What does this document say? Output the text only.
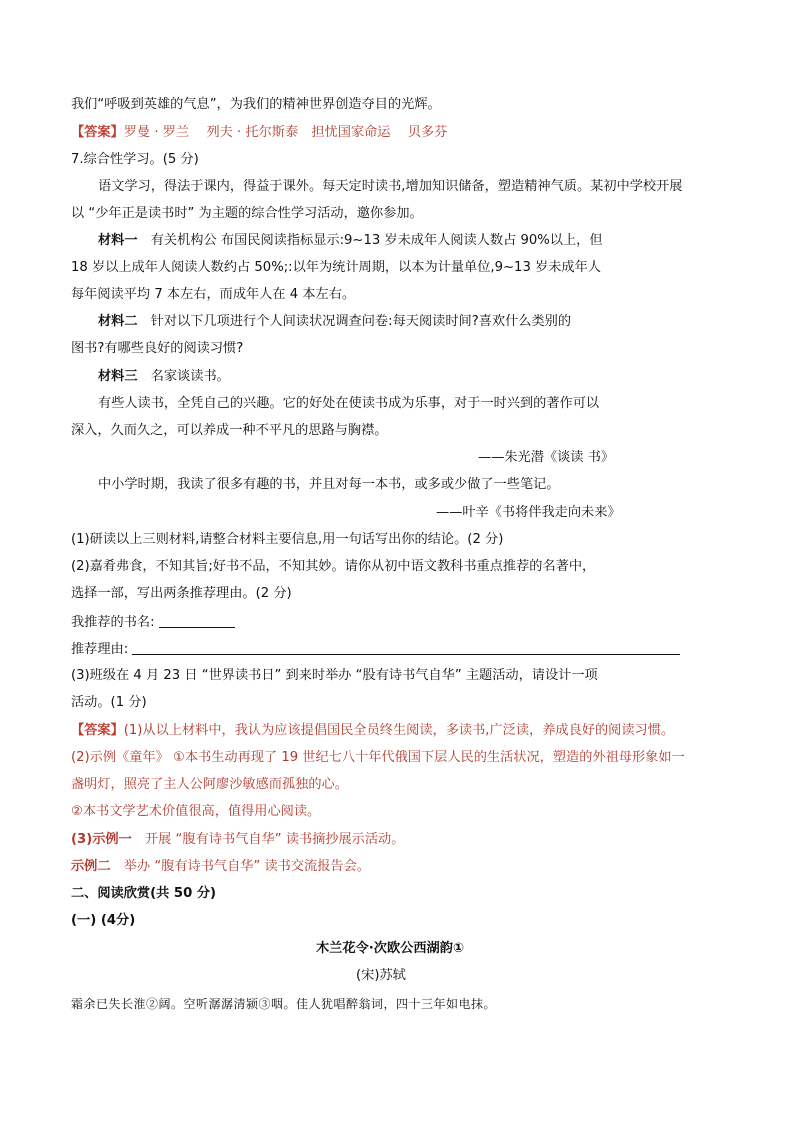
我们“呼吸到英雄的气息”，为我们的精神世界创造夺目的光辉。
【答案】罗曼 · 罗兰　 列夫 · 托尔斯泰　担忧国家命运　 贝多芬
7.综合性学习。(5 分)
语文学习，得法于课内，得益于课外。每天定时读书,增加知识储备，塑造精神气质。某初中学校开展
以 “少年正是读书时” 为主题的综合性学习活动，邀你参加。
材料一　有关机构公 布国民阅读指标显示:9~13 岁未成年人阅读人数占 90%以上，但
18 岁以上成年人阅读人数约占 50%;:以年为统计周期，以本为计量单位,9~13 岁未成年人
每年阅读平均 7 本左右，而成年人在 4 本左右。
材料二　针对以下几项进行个人间读状况调查问卷:每天阅读时间?喜欢什么类别的
图书?有哪些良好的阅读习惯?
材料三　名家谈读书。
有些人读书，全凭自己的兴趣。它的好处在使读书成为乐事，对于一时兴到的著作可以
深入，久而久之，可以养成一种不平凡的思路与胸襟。
——朱光潜《谈读 书》
中小学时期，我读了很多有趣的书，并且对每一本书，或多或少做了一些笔记。
——叶辛《书将伴我走向未来》
(1)研读以上三则材料,请整合材料主要信息,用一句话写出你的结论。(2 分)
(2)嘉肴弗食，不知其旨;好书不品，不知其妙。请你从初中语文教科书重点推荐的名著中，
选择一部，写出两条推荐理由。(2 分)
我推荐的书名:
推荐理由:
(3)班级在 4 月 23 日 “世界读书日” 到来时举办 “股有诗书气自华” 主题活动，请设计一项
活动。(1 分)
【答案】(1)从以上材料中，我认为应该提倡国民全员终生阅读，多读书,广泛读，养成良好的阅读习惯。
(2)示例《童年》 ①本书生动再现了 19 世纪七八十年代俄国下层人民的生活状况，塑造的外祖母形象如一
盏明灯，照亮了主人公阿廖沙敏感而孤独的心。
②本书文学艺术价值很高，值得用心阅读。
(3)示例一　开展 “腹有诗书气自华” 读书摘抄展示活动。
示例二　举办 “腹有诗书气自华” 读书交流报告会。
二、阅读欣赏(共 50 分)
(一) (4分)
木兰花令·次欧公西湖韵①
(宋)苏轼
霜余已失长淮②阔。空听潺潺清颍③咽。佳人犹唱醉翁词，四十三年如电抹。
